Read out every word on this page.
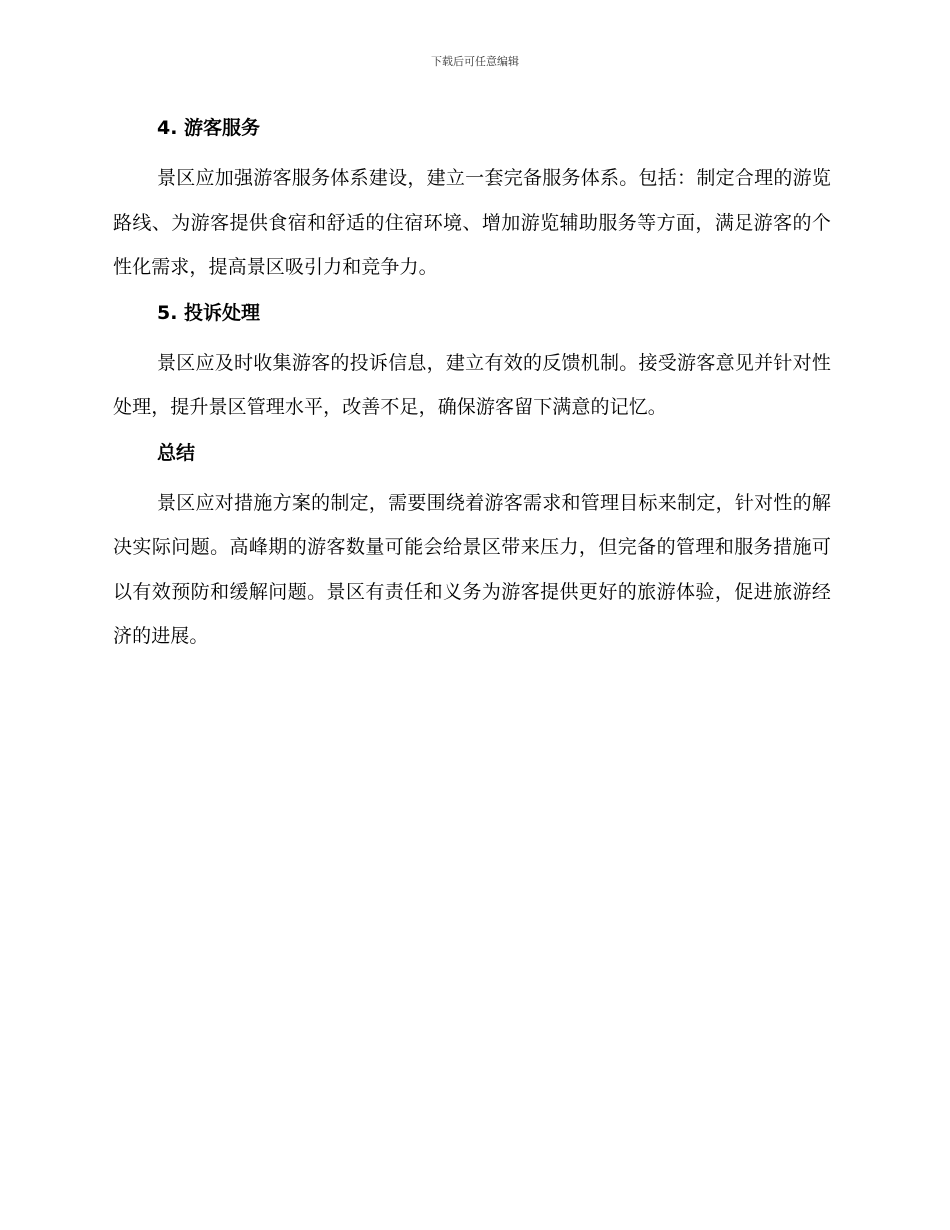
下载后可任意编辑
4. 游客服务

景区应加强游客服务体系建设，建立一套完备服务体系。包括：制定合理的游览路线、为游客提供食宿和舒适的住宿环境、增加游览辅助服务等方面，满足游客的个性化需求，提高景区吸引力和竞争力。

5. 投诉处理

景区应及时收集游客的投诉信息，建立有效的反馈机制。接受游客意见并针对性处理，提升景区管理水平，改善不足，确保游客留下满意的记忆。

总结

景区应对措施方案的制定，需要围绕着游客需求和管理目标来制定，针对性的解决实际问题。高峰期的游客数量可能会给景区带来压力，但完备的管理和服务措施可以有效预防和缓解问题。景区有责任和义务为游客提供更好的旅游体验，促进旅游经济的进展。
